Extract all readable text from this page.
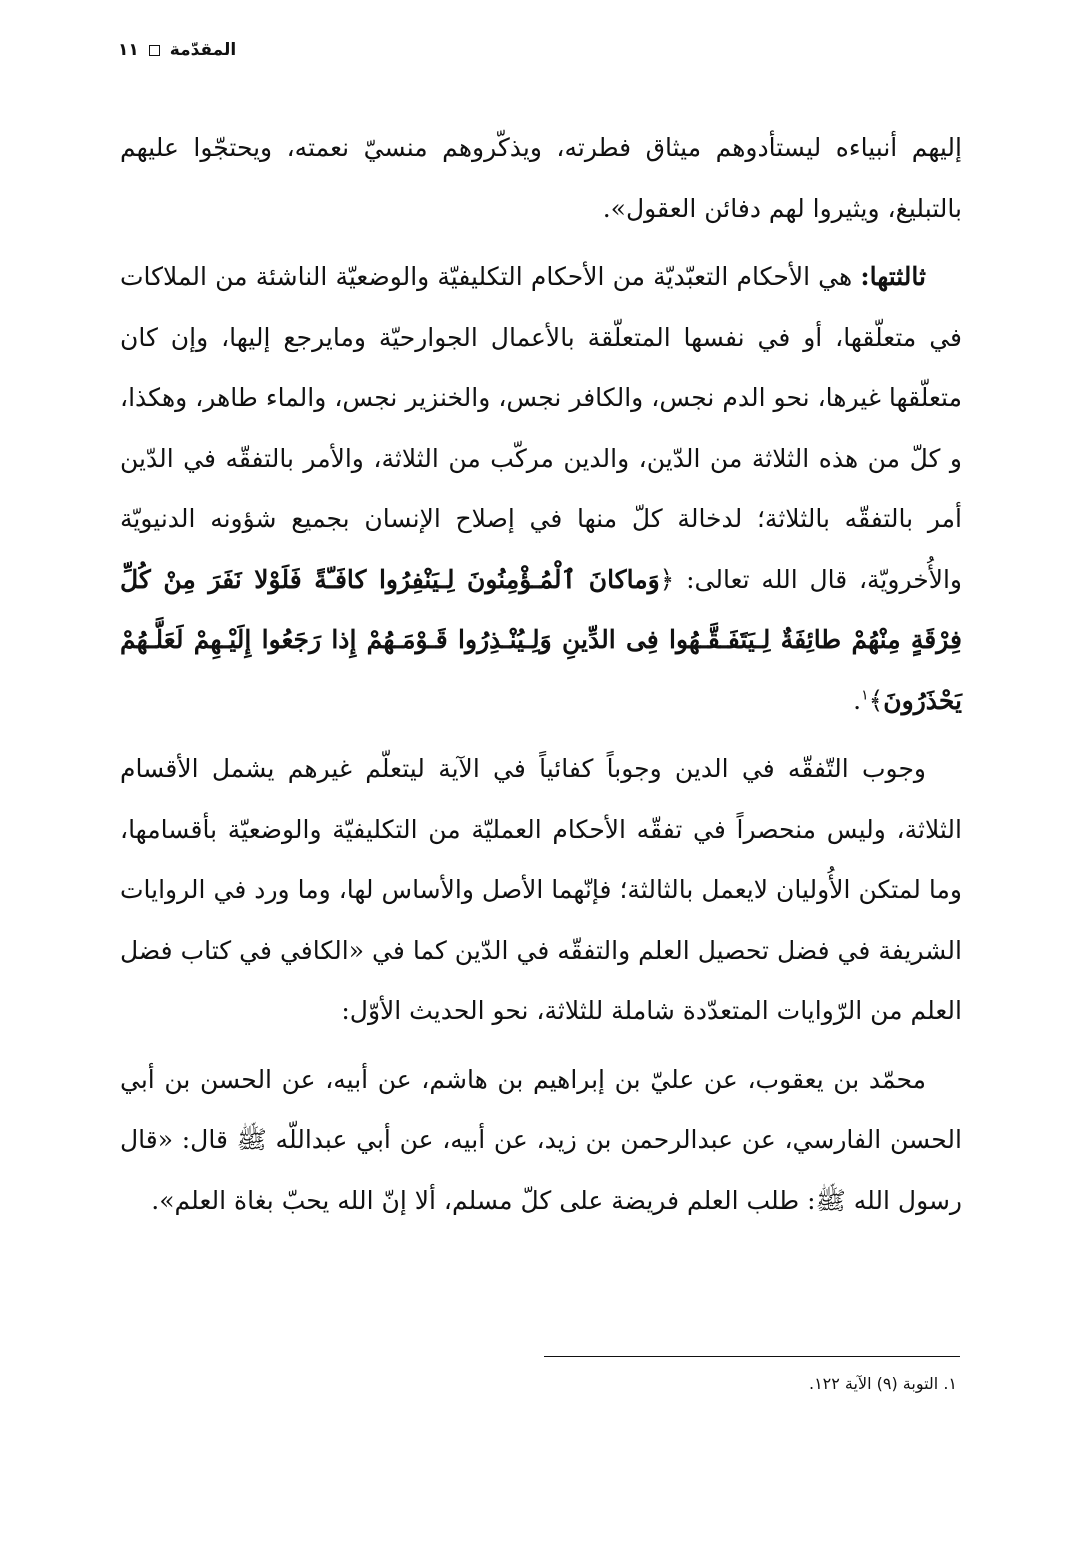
١١ المقدّمة

إليهم أنبياءه ليستأدوهم ميثاق فطرته، ويذكّروهم منسيّ نعمته، ويحتجّوا عليهم بالتبليغ، ويثيروا لهم دفائن العقول».

ثالثتها: هي الأحكام التعبّديّة من الأحكام التكليفيّة والوضعيّة الناشئة من الملاكات في متعلّقها، أو في نفسها المتعلّقة بالأعمال الجوارحيّة ومايرجع إليها، وإن كان متعلّقها غيرها، نحو الدم نجس، والكافر نجس، والخنزير نجس، والماء طاهر، وهكذا، و كلّ من هذه الثلاثة من الدّين، والدين مركّب من الثلاثة، والأمر بالتفقّه في الدّين أمر بالتفقّه بالثلاثة؛ لدخالة كلّ منها في إصلاح الإنسان بجميع شؤونه الدنيويّة والأُخرويّة، قال الله تعالى: ﴿وَماكانَ ٱلْمُـؤْمِنُونَ لِـيَنْفِرُوا كافَـّةً فَلَوْلا نَفَرَ مِنْ كُلِّ فِرْقَةٍ مِنْهُمْ طائِفَةٌ لِـيَتَفَـقَّـهُوا فِى الدِّينِ وَلِـيُنْـذِرُوا قَـوْمَـهُمْ إِذا رَجَعُوا إِلَيْـهِمْ لَعَلَّـهُمْ يَحْذَرُونَ﴾$^١$.

وجوب التّفقّه في الدين وجوباً كفائياً في الآية ليتعلّم غيرهم يشمل الأقسام الثلاثة، وليس منحصراً في تفقّه الأحكام العمليّة من التكليفيّة والوضعيّة بأقسامها، وما لمتكن الأُوليان لايعمل بالثالثة؛ فإنّهما الأصل والأساس لها، وما ورد في الروايات الشريفة في فضل تحصيل العلم والتفقّه في الدّين كما في «الكافي في كتاب فضل العلم من الرّوايات المتعدّدة شاملة للثلاثة، نحو الحديث الأوّل:

محمّد بن يعقوب، عن عليّ بن إبراهيم بن هاشم، عن أبيه، عن الحسن بن أبي الحسن الفارسي، عن عبدالرحمن بن زيد، عن أبيه، عن أبي عبداللّه ﷺ قال: «قال رسول الله ﷺ: طلب العلم فريضة على كلّ مسلم، ألا إنّ الله يحبّ بغاة العلم».

١. التوبة (٩) الآية ١٢٢.
